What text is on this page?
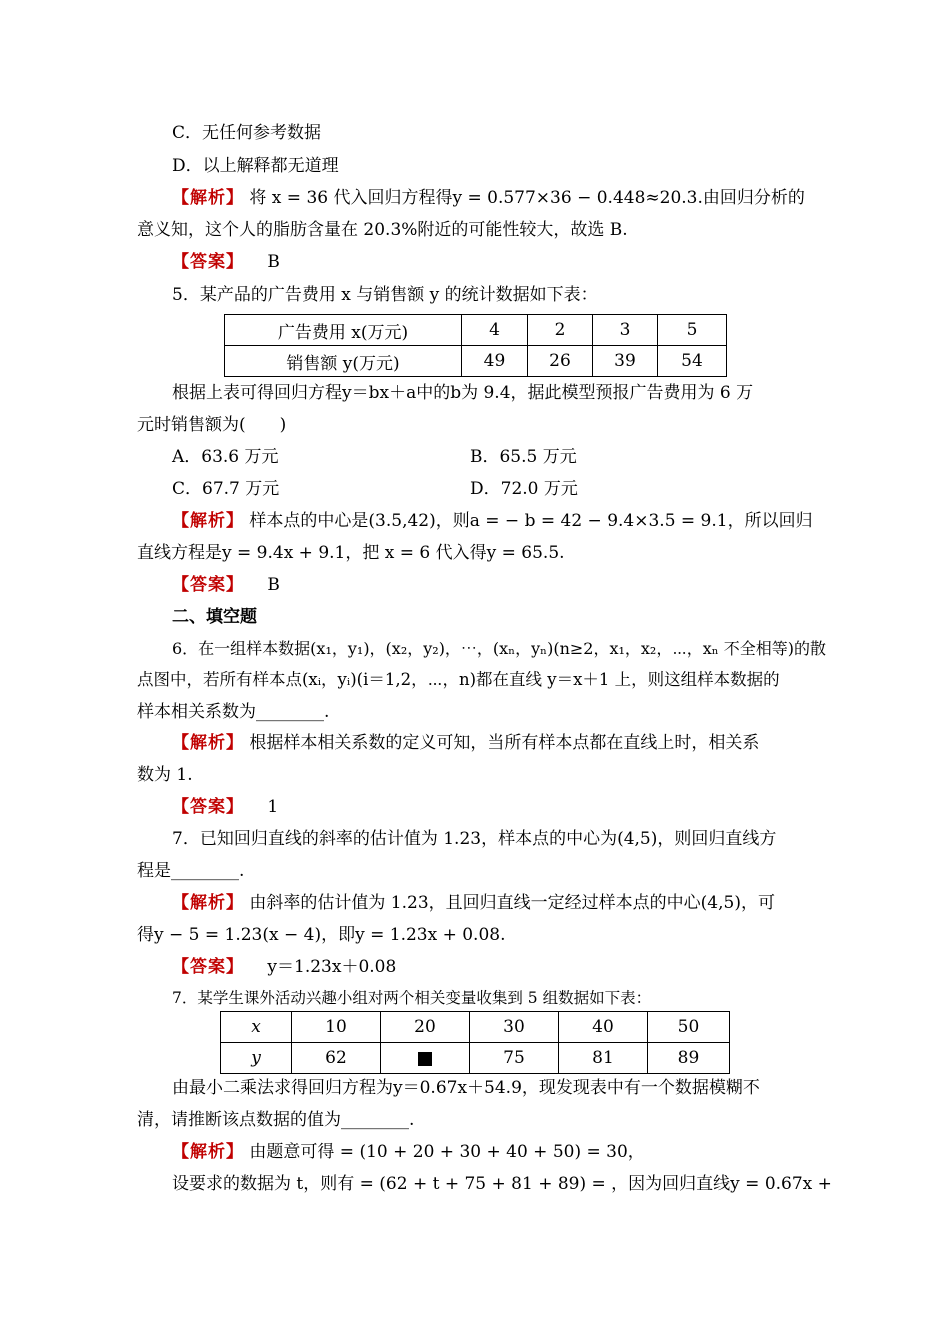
C．无任何参考数据
D．以上解释都无道理
【解析】 将 x = 36 代入回归方程得y = 0.577×36 − 0.448≈20.3.由回归分析的
意义知，这个人的脂肪含量在 20.3%附近的可能性较大，故选 B.
【答案】 B
5．某产品的广告费用 x 与销售额 y 的统计数据如下表：
广告费用 x(万元)	4	2	3	5
销售额 y(万元)	49	26	39	54
根据上表可得回归方程y＝bx＋a中的b为 9.4，据此模型预报广告费用为 6 万
元时销售额为(　　)
A．63.6 万元	B．65.5 万元
C．67.7 万元	D．72.0 万元
【解析】 样本点的中心是(3.5,42)，则a = − b = 42 − 9.4×3.5 = 9.1，所以回归
直线方程是y = 9.4x + 9.1，把 x = 6 代入得y = 65.5.
【答案】 B
二、填空题
6．在一组样本数据(x₁，y₁)，(x₂，y₂)，⋯，(xₙ，yₙ)(n≥2，x₁，x₂，⋯，xₙ 不全相等)的散
点图中，若所有样本点(xᵢ，yᵢ)(i＝1,2，⋯，n)都在直线 y＝x＋1 上，则这组样本数据的
样本相关系数为________.
【解析】 根据样本相关系数的定义可知，当所有样本点都在直线上时，相关系
数为 1.
【答案】 1
7．已知回归直线的斜率的估计值为 1.23，样本点的中心为(4,5)，则回归直线方
程是________.
【解析】 由斜率的估计值为 1.23，且回归直线一定经过样本点的中心(4,5)，可
得y − 5 = 1.23(x − 4)，即y = 1.23x + 0.08.
【答案】 y＝1.23x＋0.08
7．某学生课外活动兴趣小组对两个相关变量收集到 5 组数据如下表：
x	10	20	30	40	50
y	62		75	81	89
由最小二乘法求得回归方程为y＝0.67x＋54.9，现发现表中有一个数据模糊不
清，请推断该点数据的值为________.
【解析】 由题意可得 = (10 + 20 + 30 + 40 + 50) = 30，
设要求的数据为 t，则有 = (62 + t + 75 + 81 + 89) = ，因为回归直线y = 0.67x +
